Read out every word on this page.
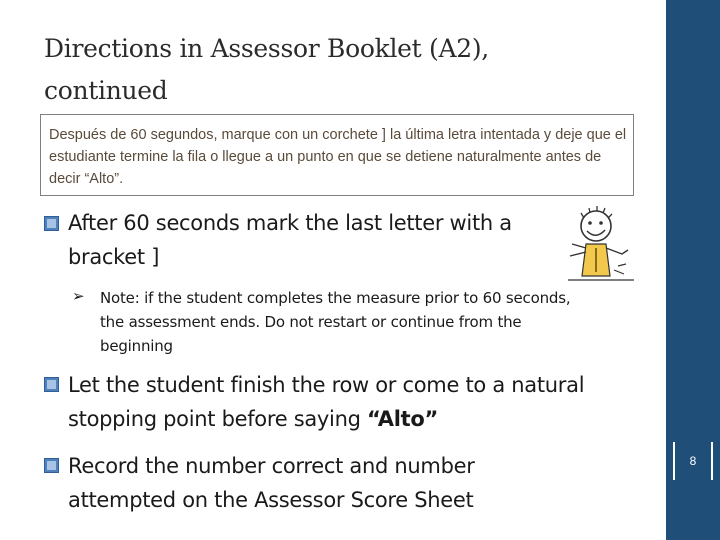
8
Directions in Assessor Booklet (A2),
continued
Después de 60 segundos, marque con un corchete ] la última letra intentada y deje que el estudiante termine la fila o llegue a un punto en que se detiene naturalmente antes de decir “Alto”.
After 60 seconds mark the last letter with a
bracket ]
➢ Note: if the student completes the measure prior to 60 seconds,
the assessment ends. Do not restart or continue from the
beginning
Let the student finish the row or come to a natural
stopping point before saying “Alto”
Record the number correct and number
attempted on the Assessor Score Sheet
